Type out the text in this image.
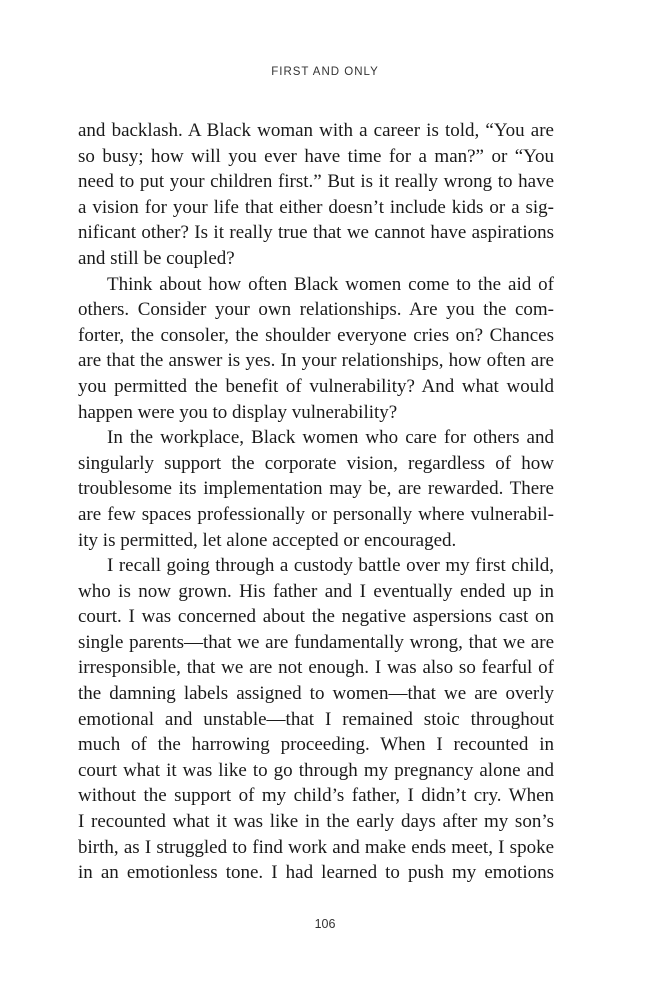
FIRST AND ONLY
and backlash. A Black woman with a career is told, “You are
so busy; how will you ever have time for a man?” or “You
need to put your children first.” But is it really wrong to have
a vision for your life that either doesn’t include kids or a sig-
nificant other? Is it really true that we cannot have aspirations
and still be coupled?
Think about how often Black women come to the aid of
others. Consider your own relationships. Are you the com-
forter, the consoler, the shoulder everyone cries on? Chances
are that the answer is yes. In your relationships, how often are
you permitted the benefit of vulnerability? And what would
happen were you to display vulnerability?
In the workplace, Black women who care for others and
singularly support the corporate vision, regardless of how
troublesome its implementation may be, are rewarded. There
are few spaces professionally or personally where vulnerabil-
ity is permitted, let alone accepted or encouraged.
I recall going through a custody battle over my first child,
who is now grown. His father and I eventually ended up in
court. I was concerned about the negative aspersions cast on
single parents—that we are fundamentally wrong, that we are
irresponsible, that we are not enough. I was also so fearful of
the damning labels assigned to women—that we are overly
emotional and unstable—that I remained stoic throughout
much of the harrowing proceeding. When I recounted in
court what it was like to go through my pregnancy alone and
without the support of my child’s father, I didn’t cry. When
I recounted what it was like in the early days after my son’s
birth, as I struggled to find work and make ends meet, I spoke
in an emotionless tone. I had learned to push my emotions
106
